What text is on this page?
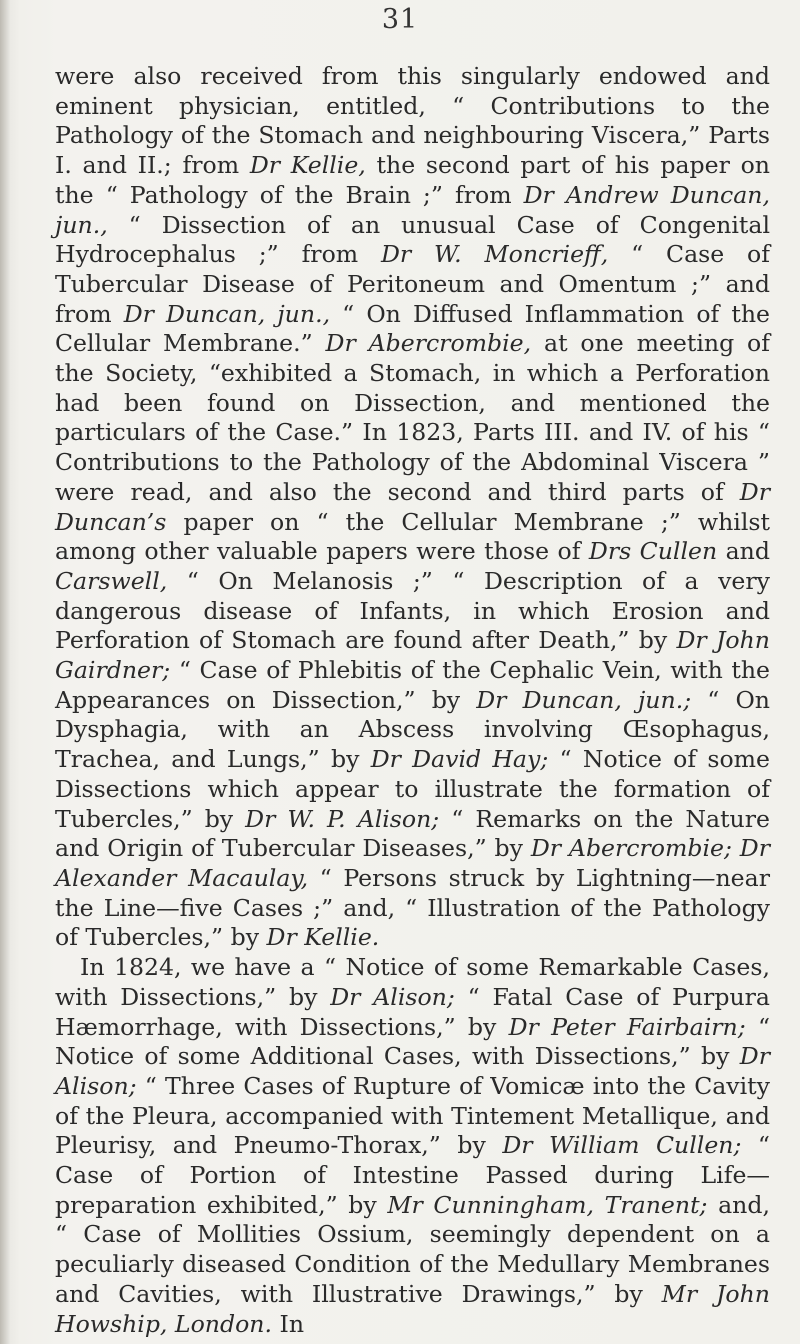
31

were also received from this singularly endowed and eminent physician, entitled, “ Contributions to the Pathology of the Stomach and neighbouring Viscera,” Parts I. and II.; from Dr Kellie, the second part of his paper on the “ Pathology of the Brain ;” from Dr Andrew Duncan, jun., “ Dissection of an unusual Case of Congenital Hydrocephalus ;” from Dr W. Moncrieff, “ Case of Tubercular Disease of Peritoneum and Omentum ;” and from Dr Duncan, jun., “ On Diffused Inflammation of the Cellular Membrane.” Dr Abercrombie, at one meeting of the Society, “exhibited a Stomach, in which a Perforation had been found on Dissection, and mentioned the particulars of the Case.” In 1823, Parts III. and IV. of his “ Contributions to the Pathology of the Abdominal Viscera ” were read, and also the second and third parts of Dr Duncan’s paper on “ the Cellular Membrane ;” whilst among other valuable papers were those of Drs Cullen and Carswell, “ On Melanosis ;” “ Description of a very dangerous disease of Infants, in which Erosion and Perforation of Stomach are found after Death,” by Dr John Gairdner; “ Case of Phlebitis of the Cephalic Vein, with the Appearances on Dissection,” by Dr Duncan, jun.; “ On Dysphagia, with an Abscess involving Œsophagus, Trachea, and Lungs,” by Dr David Hay; “ Notice of some Dissections which appear to illustrate the formation of Tubercles,” by Dr W. P. Alison; “ Remarks on the Nature and Origin of Tubercular Diseases,” by Dr Abercrombie; Dr Alexander Macaulay, “ Persons struck by Lightning—near the Line—five Cases ;” and, “ Illustration of the Pathology of Tubercles,” by Dr Kellie.

In 1824, we have a “ Notice of some Remarkable Cases, with Dissections,” by Dr Alison; “ Fatal Case of Purpura Hæmorrhage, with Dissections,” by Dr Peter Fairbairn; “ Notice of some Additional Cases, with Dissections,” by Dr Alison; “ Three Cases of Rupture of Vomicæ into the Cavity of the Pleura, accompanied with Tintement Metallique, and Pleurisy, and Pneumo-Thorax,” by Dr William Cullen; “ Case of Portion of Intestine Passed during Life—preparation exhibited,” by Mr Cunningham, Tranent; and, “ Case of Mollities Ossium, seemingly dependent on a peculiarly diseased Condition of the Medullary Membranes and Cavities, with Illustrative Drawings,” by Mr John Howship, London. In
